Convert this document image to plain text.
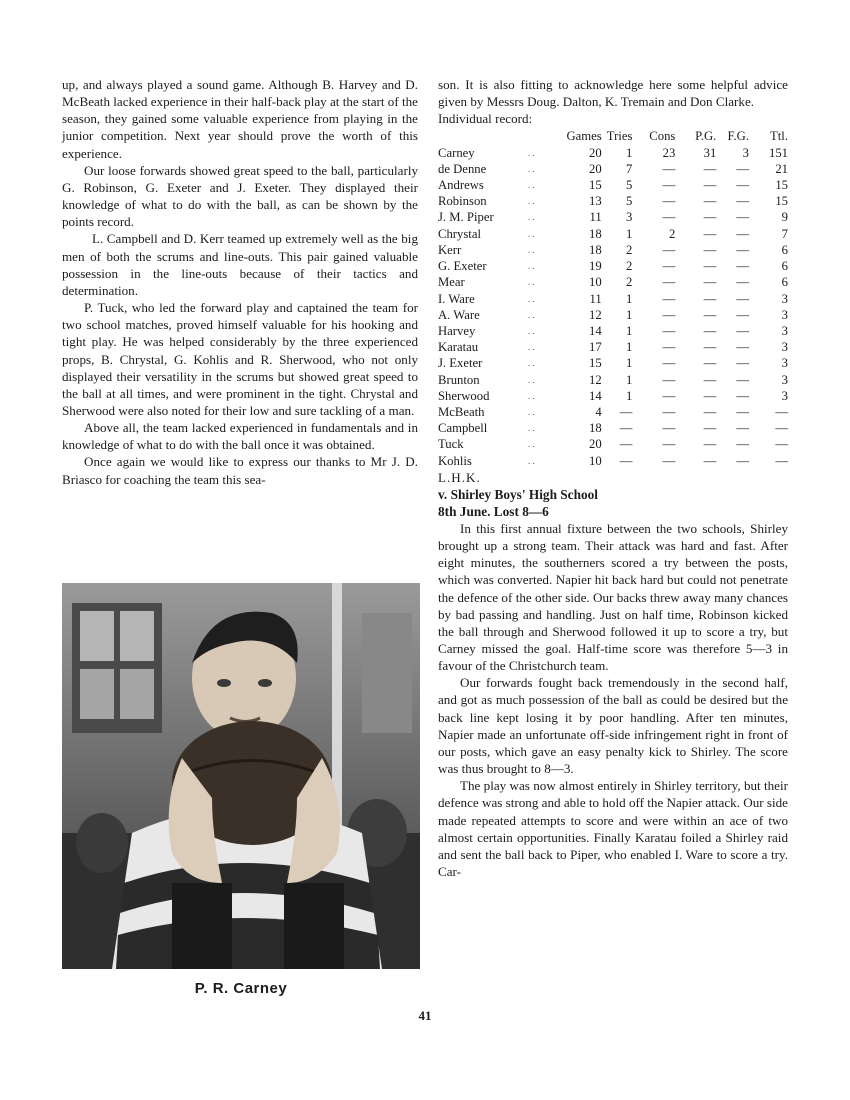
up, and always played a sound game. Although B. Harvey and D. McBeath lacked experience in their half-back play at the start of the season, they gained some valuable experience from playing in the junior competition. Next year should prove the worth of this experience.

Our loose forwards showed great speed to the ball, particularly G. Robinson, G. Exeter and J. Exeter. They displayed their knowledge of what to do with the ball, as can be shown by the points record.

L. Campbell and D. Kerr teamed up extremely well as the big men of both the scrums and line-outs. This pair gained valuable possession in the line-outs because of their tactics and determination.

P. Tuck, who led the forward play and captained the team for two school matches, proved himself valuable for his hooking and tight play. He was helped considerably by the three experienced props, B. Chrystal, G. Kohlis and R. Sherwood, who not only displayed their versatility in the scrums but showed great speed to the ball at all times, and were prominent in the tight. Chrystal and Sherwood were also noted for their low and sure tackling of a man.

Above all, the team lacked experienced in fundamentals and in knowledge of what to do with the ball once it was obtained.

Once again we would like to express our thanks to Mr J. D. Briasco for coaching the team this sea-

P. R. Carney

son. It is also fitting to acknowledge here some helpful advice given by Messrs Doug. Dalton, K. Tremain and Don Clarke.

Individual record:

		Games	Tries	Cons	P.G.	F.G.	Ttl.
Carney	. .	20	1	23	31	3	151
de Denne	. .	20	7	—	—	—	21
Andrews	. .	15	5	—	—	—	15
Robinson	. .	13	5	—	—	—	15
J. M. Piper	. .	11	3	—	—	—	9
Chrystal	. .	18	1	2	—	—	7
Kerr	. .	18	2	—	—	—	6
G. Exeter	. .	19	2	—	—	—	6
Mear	. .	10	2	—	—	—	6
I. Ware	. .	11	1	—	—	—	3
A. Ware	. .	12	1	—	—	—	3
Harvey	. .	14	1	—	—	—	3
Karatau	. .	17	1	—	—	—	3
J. Exeter	. .	15	1	—	—	—	3
Brunton	. .	12	1	—	—	—	3
Sherwood	. .	14	1	—	—	—	3
McBeath	. .	4	—	—	—	—	—
Campbell	. .	18	—	—	—	—	—
Tuck	. .	20	—	—	—	—	—
Kohlis	. .	10	—	—	—	—	—

L.H.K.

v. Shirley Boys' High School

8th June. Lost 8—6

In this first annual fixture between the two schools, Shirley brought up a strong team. Their attack was hard and fast. After eight minutes, the southerners scored a try between the posts, which was converted. Napier hit back hard but could not penetrate the defence of the other side. Our backs threw away many chances by bad passing and handling. Just on half time, Robinson kicked the ball through and Sherwood followed it up to score a try, but Carney missed the goal. Half-time score was therefore 5—3 in favour of the Christchurch team.

Our forwards fought back tremendously in the second half, and got as much possession of the ball as could be desired but the back line kept losing it by poor handling. After ten minutes, Napier made an unfortunate off-side infringement right in front of our posts, which gave an easy penalty kick to Shirley. The score was thus brought to 8—3.

The play was now almost entirely in Shirley territory, but their defence was strong and able to hold off the Napier attack. Our side made repeated attempts to score and were within an ace of two almost certain opportunities. Finally Karatau foiled a Shirley raid and sent the ball back to Piper, who enabled I. Ware to score a try. Car-

41
